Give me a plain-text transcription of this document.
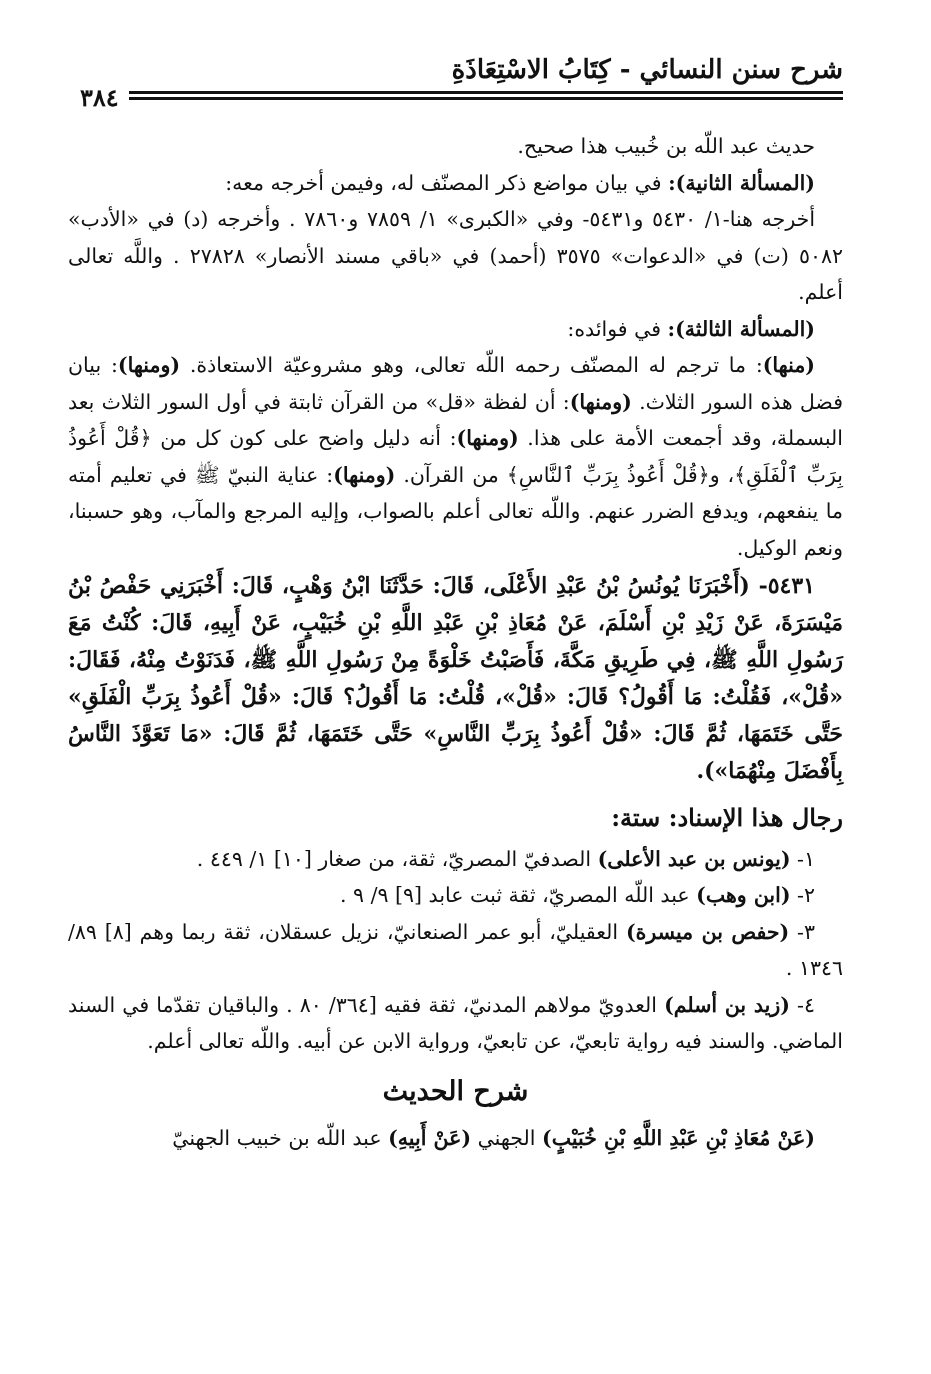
شرح سنن النسائي - كِتَابُ الاسْتِعَاذَةِ
٣٨٤

حديث عبد اللّه بن خُبيب هذا صحيح.

(المسألة الثانية): في بيان مواضع ذكر المصنّف له، وفيمن أخرجه معه:

أخرجه هنا-١/ ٥٤٣٠ و٥٤٣١- وفي «الكبرى» ١/ ٧٨٥٩ و٧٨٦٠ . وأخرجه (د) في «الأدب» ٥٠٨٢ (ت) في «الدعوات» ٣٥٧٥ (أحمد) في «باقي مسند الأنصار» ٢٧٨٢٨ . واللَّه تعالى أعلم.

(المسألة الثالثة): في فوائده:

(منها): ما ترجم له المصنّف رحمه اللّه تعالى، وهو مشروعيّة الاستعاذة. (ومنها): بيان فضل هذه السور الثلاث. (ومنها): أن لفظة «قل» من القرآن ثابتة في أول السور الثلاث بعد البسملة، وقد أجمعت الأمة على هذا. (ومنها): أنه دليل واضح على كون كل من ﴿قُلْ أَعُوذُ بِرَبِّ ٱلْفَلَقِ﴾، و﴿قُلْ أَعُوذُ بِرَبِّ ٱلنَّاسِ﴾ من القرآن. (ومنها): عناية النبيّ ﷺ في تعليم أمته ما ينفعهم، ويدفع الضرر عنهم. واللّه تعالى أعلم بالصواب، وإليه المرجع والمآب، وهو حسبنا، ونعم الوكيل.

٥٤٣١- (أَخْبَرَنَا يُونُسُ بْنُ عَبْدِ الأَعْلَى، قَالَ: حَدَّثَنَا ابْنُ وَهْبٍ، قَالَ: أَخْبَرَنِي حَفْصُ بْنُ مَيْسَرَةَ، عَنْ زَيْدِ بْنِ أَسْلَمَ، عَنْ مُعَاذِ بْنِ عَبْدِ اللَّهِ بْنِ خُبَيْبٍ، عَنْ أَبِيهِ، قَالَ: كُنْتُ مَعَ رَسُولِ اللَّهِ ﷺ، فِي طَرِيقِ مَكَّةَ، فَأَصَبْتُ خَلْوَةً مِنْ رَسُولِ اللَّهِ ﷺ، فَدَنَوْتُ مِنْهُ، فَقَالَ: «قُلْ»، فَقُلْتُ: مَا أَقُولُ؟ قَالَ: «قُلْ»، قُلْتُ: مَا أَقُولُ؟ قَالَ: «قُلْ أَعُوذُ بِرَبِّ الْفَلَقِ» حَتَّى خَتَمَهَا، ثُمَّ قَالَ: «قُلْ أَعُوذُ بِرَبِّ النَّاسِ» حَتَّى خَتَمَهَا، ثُمَّ قَالَ: «مَا تَعَوَّذَ النَّاسُ بِأَفْضَلَ مِنْهُمَا»).

رجال هذا الإسناد: ستة:

١- (يونس بن عبد الأعلى) الصدفيّ المصريّ، ثقة، من صغار [١٠] ١/ ٤٤٩ .

٢- (ابن وهب) عبد اللّه المصريّ، ثقة ثبت عابد [٩] ٩/ ٩ .

٣- (حفص بن ميسرة) العقيليّ، أبو عمر الصنعانيّ، نزيل عسقلان، ثقة ربما وهم [٨] ٨٩/ ١٣٤٦ .

٤- (زيد بن أسلم) العدويّ مولاهم المدنيّ، ثقة فقيه [٣٦٤/ ٨٠ . والباقيان تقدّما في السند الماضي. والسند فيه رواية تابعيّ، عن تابعيّ، ورواية الابن عن أبيه. واللّه تعالى أعلم.

شرح الحديث

(عَنْ مُعَاذِ بْنِ عَبْدِ اللَّهِ بْنِ خُبَيْبٍ) الجهني (عَنْ أَبِيهِ) عبد اللّه بن خبيب الجهنيّ
